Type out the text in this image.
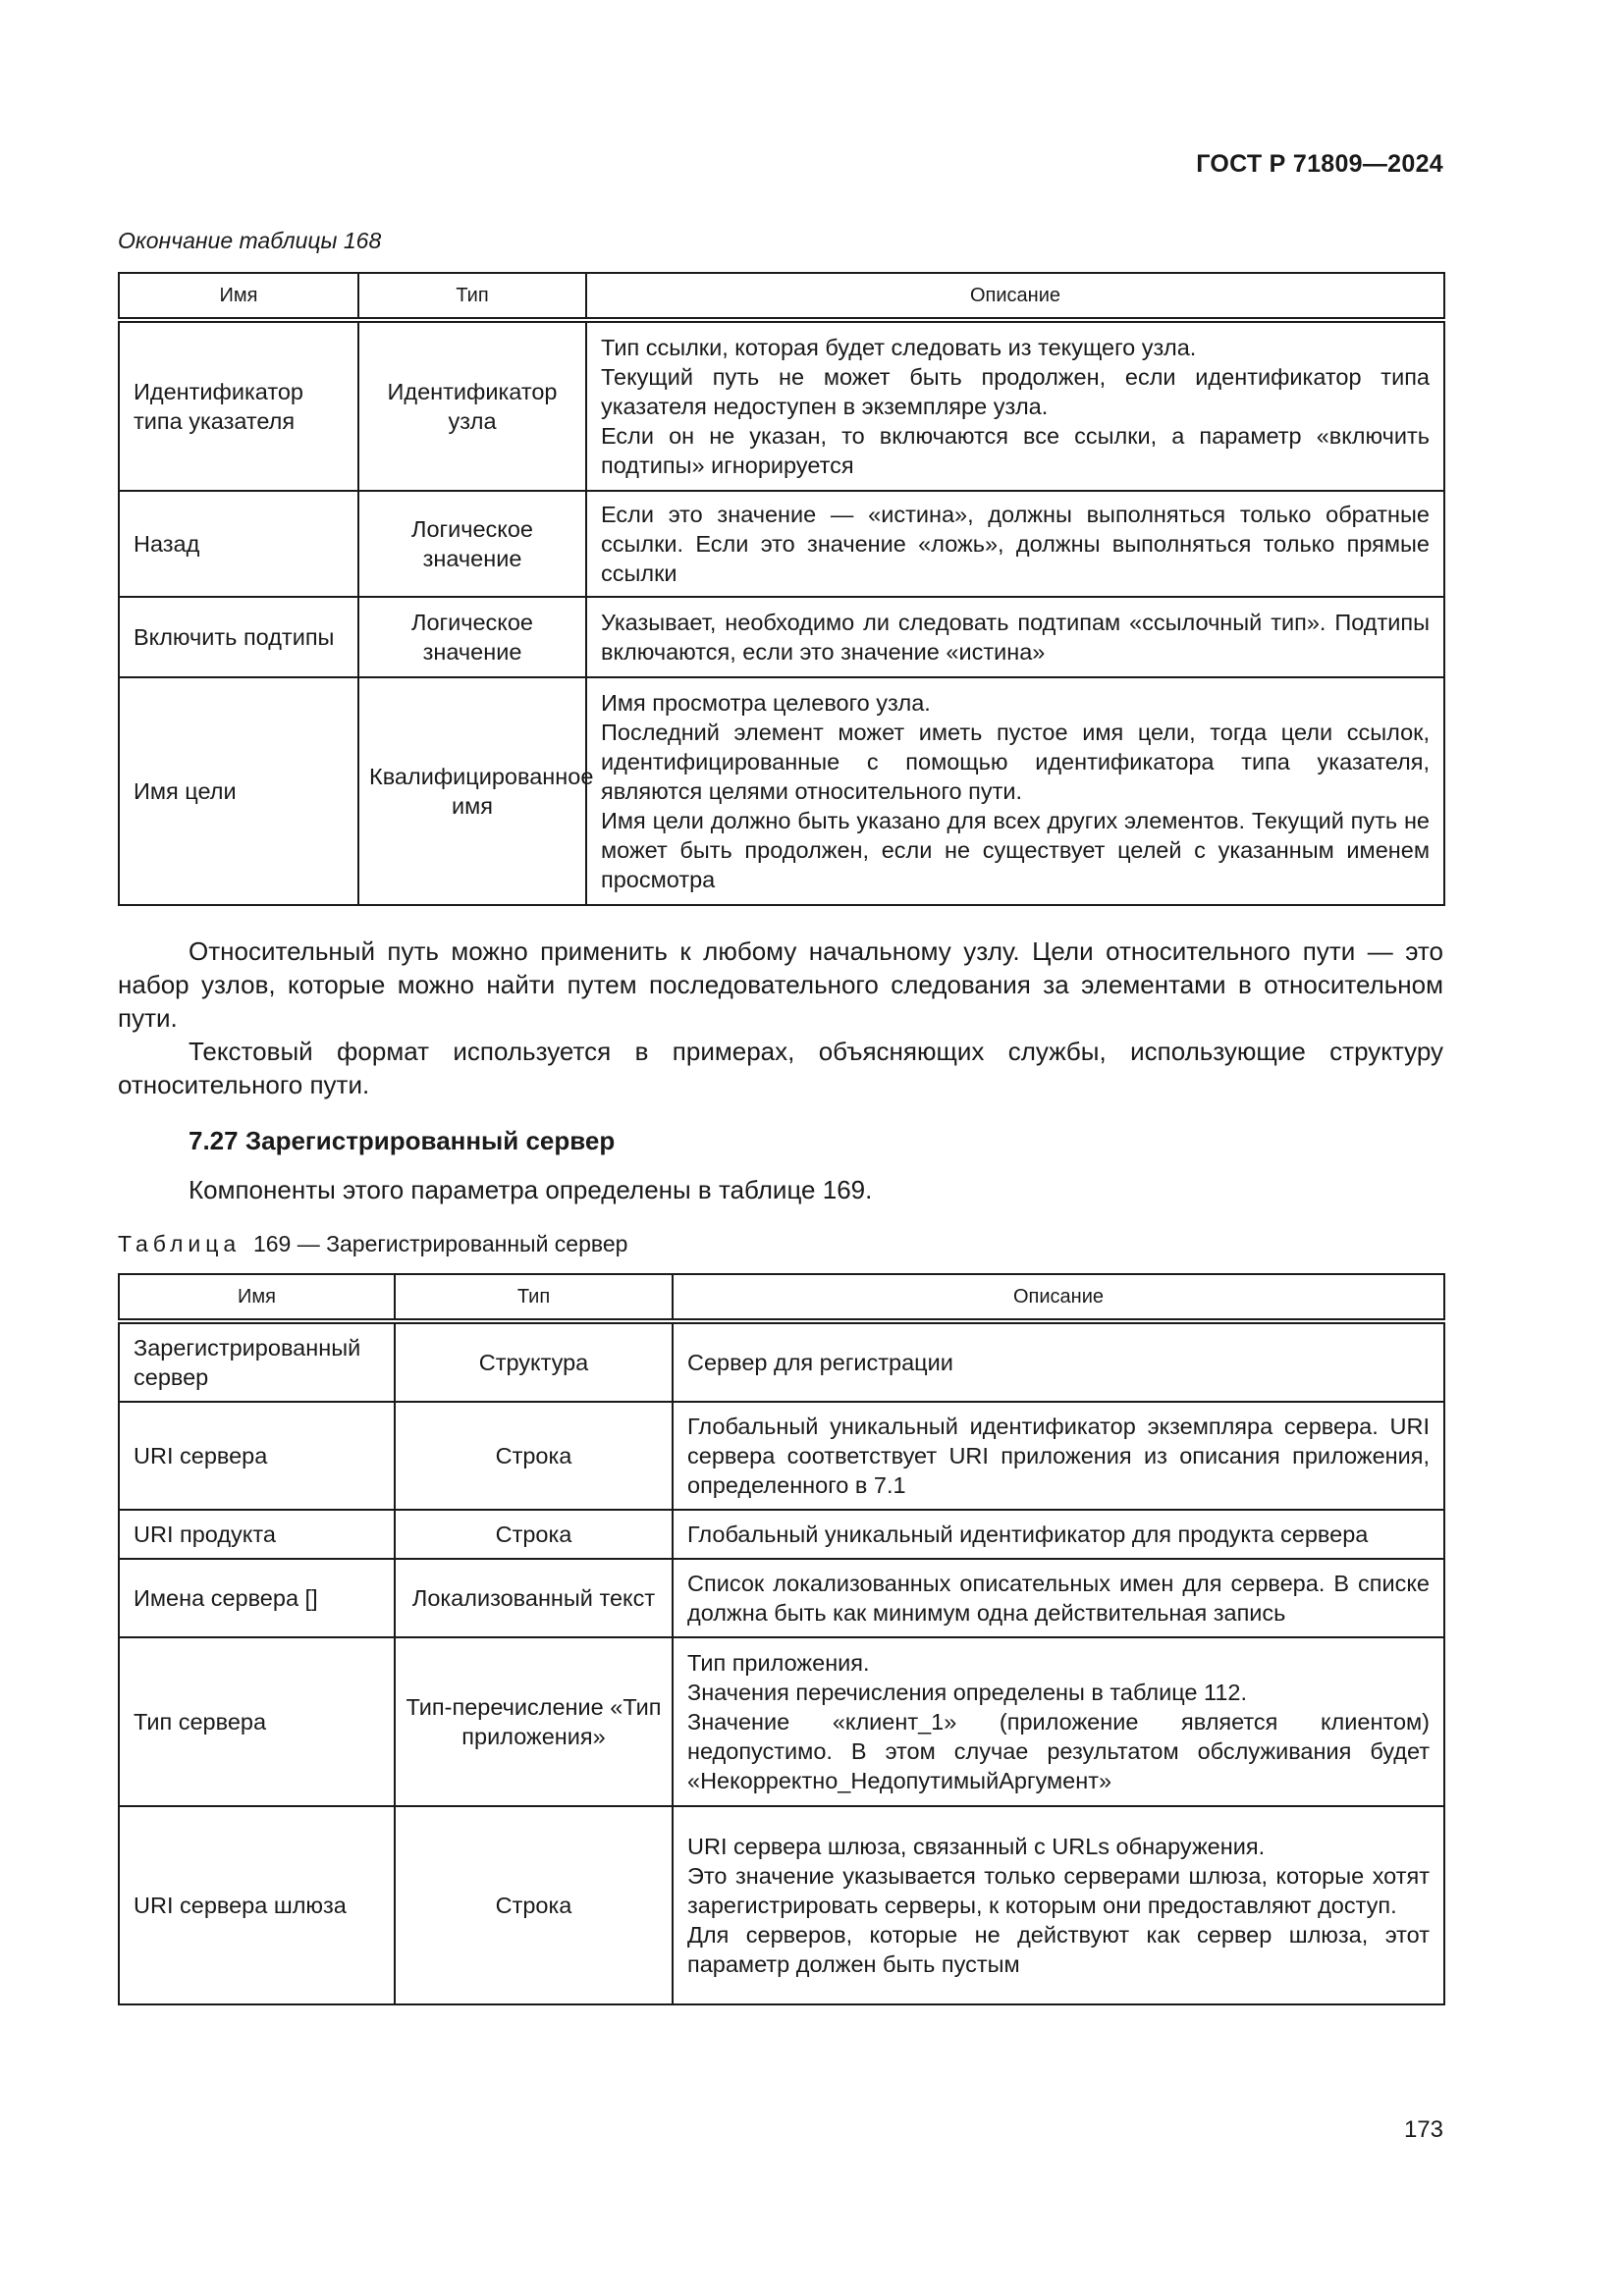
ГОСТ Р 71809—2024
Окончание таблицы 168
Имя	Тип	Описание
Идентификатор типа указателя	Идентификатор узла	Тип ссылки, которая будет следовать из текущего узла.
Текущий путь не может быть продолжен, если идентификатор типа указателя недоступен в экземпляре узла.
Если он не указан, то включаются все ссылки, а параметр «включить подтипы» игнорируется

Назад	Логическое значение	Если это значение — «истина», должны выполняться только обратные ссылки. Если это значение «ложь», должны выполняться только прямые ссылки

Включить подтипы	Логическое значение	Указывает, необходимо ли следовать подтипам «ссылочный тип». Подтипы включаются, если это значение «истина»

Имя цели	Квалифицированное имя	Имя просмотра целевого узла.
Последний элемент может иметь пустое имя цели, тогда цели ссылок, идентифицированные с помощью идентификатора типа указателя, являются целями относительного пути.
Имя цели должно быть указано для всех других элементов. Текущий путь не может быть продолжен, если не существует целей с указанным именем просмотра
Относительный путь можно применить к любому начальному узлу. Цели относительного пути — это набор узлов, которые можно найти путем последовательного следования за элементами в относительном пути.
Текстовый формат используется в примерах, объясняющих службы, использующие структуру относительного пути.
7.27 Зарегистрированный сервер
Компоненты этого параметра определены в таблице 169.
Таблица 169 — Зарегистрированный сервер
Имя	Тип	Описание
Зарегистрированный сервер	Структура	Сервер для регистрации

URI сервера	Строка	Глобальный уникальный идентификатор экземпляра сервера. URI сервера соответствует URI приложения из описания приложения, определенного в 7.1

URI продукта	Строка	Глобальный уникальный идентификатор для продукта сервера

Имена сервера []	Локализованный текст	Список локализованных описательных имен для сервера. В списке должна быть как минимум одна действительная запись

Тип сервера	Тип-перечисление «Тип приложения»	Тип приложения.
Значения перечисления определены в таблице 112.
Значение «клиент_1» (приложение является клиентом) недопустимо. В этом случае результатом обслуживания будет «Некорректно_НедопутимыйАргумент»

URI сервера шлюза	Строка	URI сервера шлюза, связанный с URLs обнаружения.
Это значение указывается только серверами шлюза, которые хотят зарегистрировать серверы, к которым они предоставляют доступ.
Для серверов, которые не действуют как сервер шлюза, этот параметр должен быть пустым
173
